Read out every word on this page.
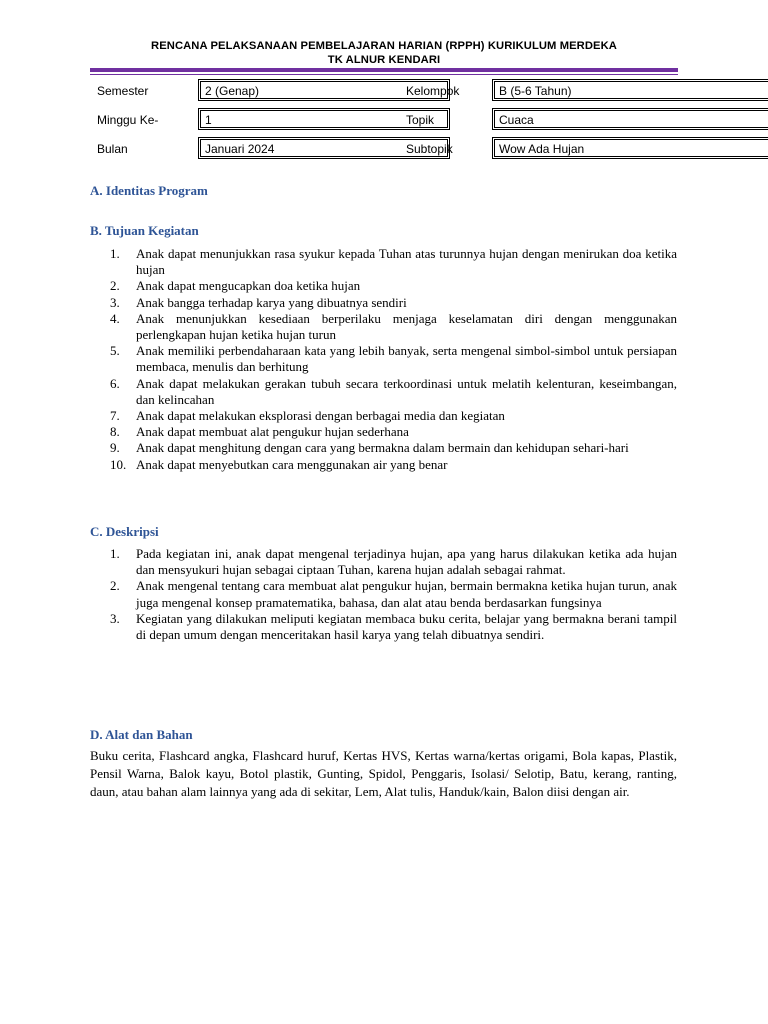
RENCANA PELAKSANAAN PEMBELAJARAN HARIAN (RPPH) KURIKULUM MERDEKA
TK ALNUR KENDARI
Semester	2 (Genap)	Kelompok	B (5-6 Tahun)
Minggu Ke-	1	Topik	Cuaca
Bulan	Januari 2024	Subtopik	Wow Ada Hujan
A. Identitas Program
B. Tujuan Kegiatan
1. Anak dapat menunjukkan rasa syukur kepada Tuhan atas turunnya hujan dengan menirukan doa ketika hujan
2. Anak dapat mengucapkan doa ketika hujan
3. Anak bangga terhadap karya yang dibuatnya sendiri
4. Anak menunjukkan kesediaan berperilaku menjaga keselamatan diri dengan menggunakan perlengkapan hujan ketika hujan turun
5. Anak memiliki perbendaharaan kata yang lebih banyak, serta mengenal simbol-simbol untuk persiapan membaca, menulis dan berhitung
6. Anak dapat melakukan gerakan tubuh secara terkoordinasi untuk melatih kelenturan, keseimbangan, dan kelincahan
7. Anak dapat melakukan eksplorasi dengan berbagai media dan kegiatan
8. Anak dapat membuat alat pengukur hujan sederhana
9. Anak dapat menghitung dengan cara yang bermakna dalam bermain dan kehidupan sehari-hari
10. Anak dapat menyebutkan cara menggunakan air yang benar
C. Deskripsi
1. Pada kegiatan ini, anak dapat mengenal terjadinya hujan, apa yang harus dilakukan ketika ada hujan dan mensyukuri hujan sebagai ciptaan Tuhan, karena hujan adalah sebagai rahmat.
2. Anak mengenal tentang cara membuat alat pengukur hujan, bermain bermakna ketika hujan turun, anak juga mengenal konsep pramatematika, bahasa, dan alat atau benda berdasarkan fungsinya
3. Kegiatan yang dilakukan meliputi kegiatan membaca buku cerita, belajar yang bermakna berani tampil di depan umum dengan menceritakan hasil karya yang telah dibuatnya sendiri.
D. Alat dan Bahan

Buku cerita, Flashcard angka, Flashcard huruf, Kertas HVS, Kertas warna/kertas origami, Bola kapas, Plastik, Pensil Warna, Balok kayu, Botol plastik, Gunting, Spidol, Penggaris, Isolasi/ Selotip, Batu, kerang, ranting, daun, atau bahan alam lainnya yang ada di sekitar, Lem, Alat tulis, Handuk/kain, Balon diisi dengan air.
